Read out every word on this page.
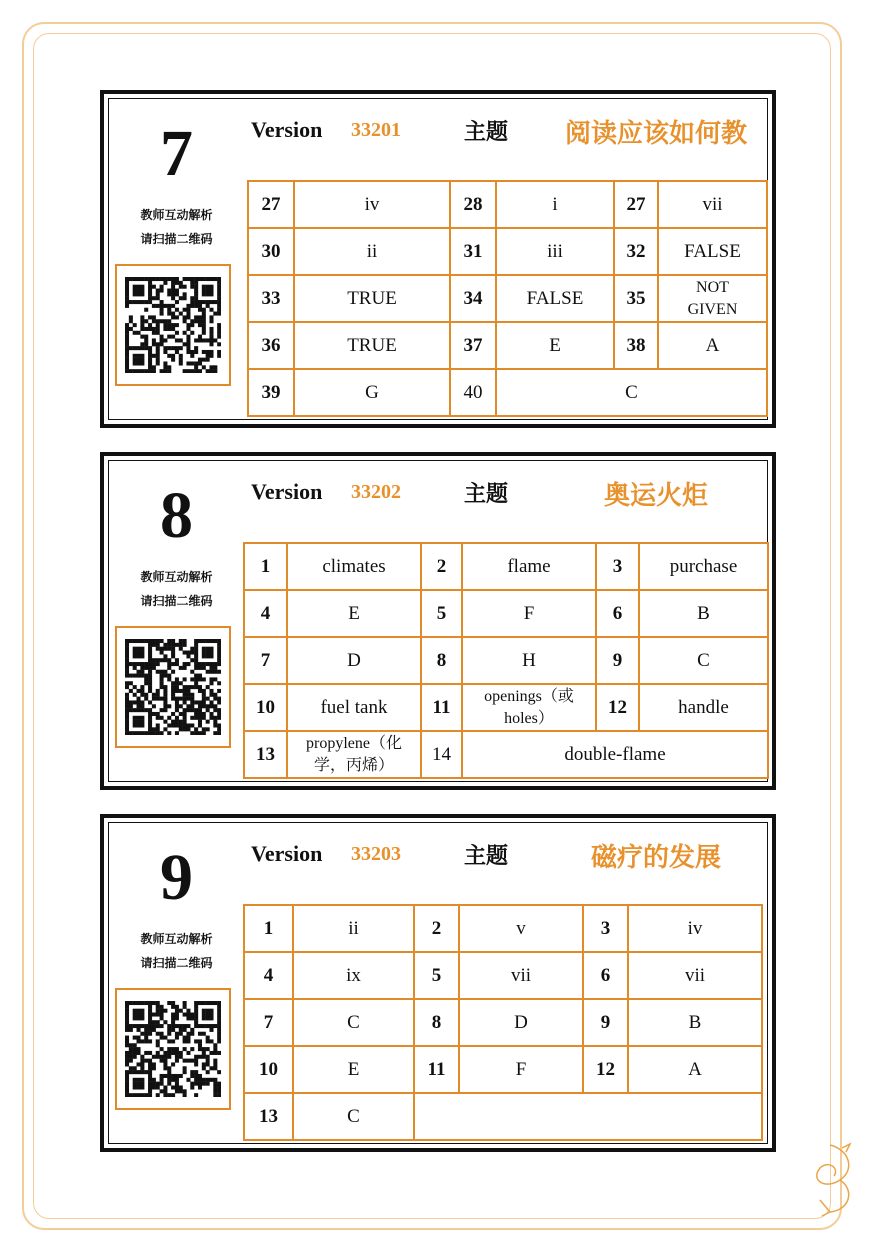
7
教师互动解析
请扫描二维码
Version 33201	主题	阅读应该如何教
27	iv	28	i	27	vii
30	ii	31	iii	32	FALSE
33	TRUE	34	FALSE	35	NOT GIVEN
36	TRUE	37	E	38	A
39	G	40	C		
8
教师互动解析
请扫描二维码
Version 33202	主题	奥运火炬
1	climates	2	flame	3	purchase
4	E	5	F	6	B
7	D	8	H	9	C
10	fuel tank	11	openings（或 holes）	12	handle
13	propylene（化学，丙烯）	14	double-flame		
9
教师互动解析
请扫描二维码
Version 33203	主题	磁疗的发展
1	ii	2	v	3	iv
4	ix	5	vii	6	vii
7	C	8	D	9	B
10	E	11	F	12	A
13	C				
